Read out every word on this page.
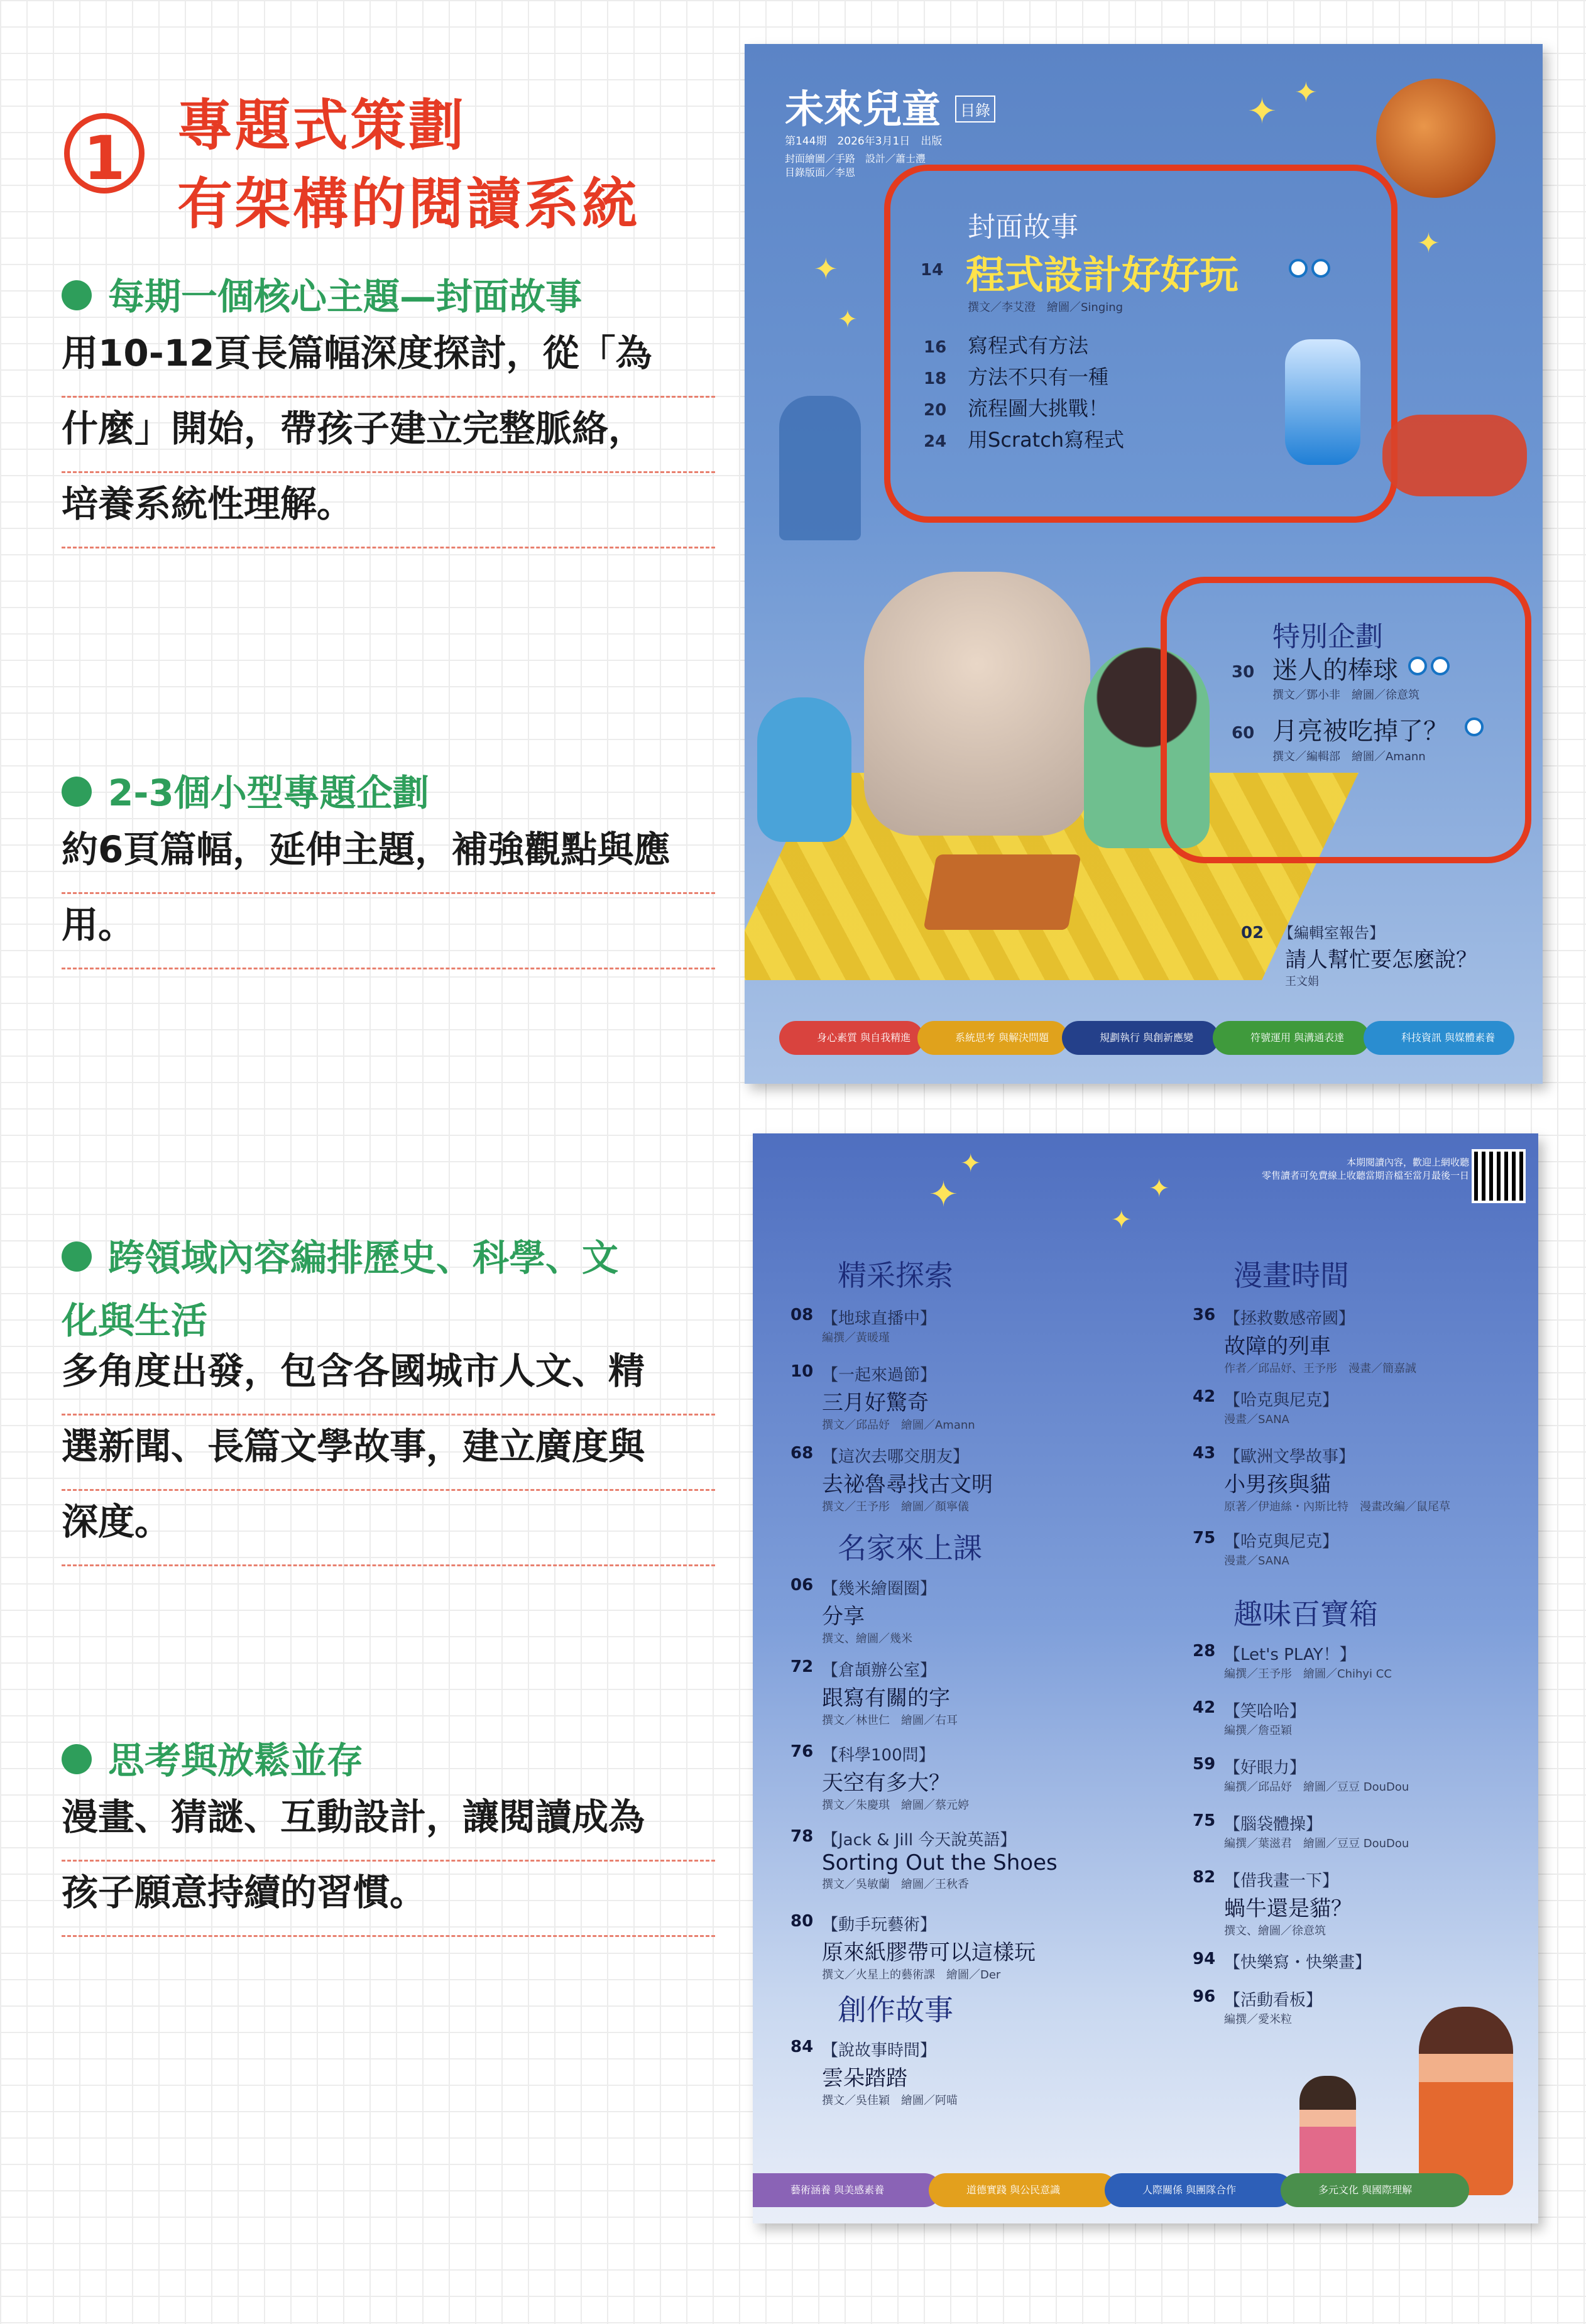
1 專題式策劃
有架構的閱讀系統
每期一個核心主題—封面故事
用10-12頁長篇幅深度探討，從「為
什麼」開始，帶孩子建立完整脈絡，
培養系統性理解。
2-3個小型專題企劃
約6頁篇幅，延伸主題，補強觀點與應
用。
跨領域內容編排歷史、科學、文
化與生活
多角度出發，包含各國城市人文、精
選新聞、長篇文學故事，建立廣度與
深度。
思考與放鬆並存
漫畫、猜謎、互動設計，讓閱讀成為
孩子願意持續的習慣。
✦ ✦
✦
✦
✦
未來兒童	目錄
第144期　2026年3月1日　出版
封面繪圖／手路　設計／蕭士灃
目錄版面／李恩
封面故事
14 程式設計好好玩
撰文／李艾澄　繪圖／Singing
16 寫程式有方法
18 方法不只有一種
20 流程圖大挑戰！
24 用Scratch寫程式
特別企劃
30 迷人的棒球
撰文／鄧小非　繪圖／徐意筑
60 月亮被吃掉了？
撰文／編輯部　繪圖／Amann
02 【編輯室報告】
請人幫忙要怎麼說？
王文娟
身心素質 與自我精進	系統思考 與解決問題	規劃執行 與創新應變	符號運用 與溝通表達	科技資訊 與媒體素養
本期閱讀內容，歡迎上網收聽
零售讀者可免費線上收聽當期音檔至當月最後一日
✦
✦
✦
✦
精采探索
08 【地球直播中】
編撰／黃暖瑾
10 【一起來過節】
三月好驚奇
撰文／邱品妤　繪圖／Amann
68 【這次去哪交朋友】
去祕魯尋找古文明
撰文／王予彤　繪圖／顏寧儀
名家來上課
06 【幾米繪圈圈】
分享
撰文、繪圖／幾米
72 【倉頡辦公室】
跟寫有關的字
撰文／林世仁　繪圖／右耳
76 【科學100問】
天空有多大？
撰文／朱慶琪　繪圖／蔡元婷
78 【Jack & Jill 今天說英語】
Sorting Out the Shoes
撰文／吳敏蘭　繪圖／王秋香
80 【動手玩藝術】
原來紙膠帶可以這樣玩
撰文／火星上的藝術課　繪圖／Der
創作故事
84 【說故事時間】
雲朵踏踏
撰文／吳佳穎　繪圖／阿喵
漫畫時間
36 【拯救數感帝國】
故障的列車
作者／邱品妤、王予彤　漫畫／簡嘉誠
42 【哈克與尼克】
漫畫／SANA
43 【歐洲文學故事】
小男孩與貓
原著／伊迪絲・內斯比特　漫畫改編／鼠尾草
75 【哈克與尼克】
漫畫／SANA
趣味百寶箱
28 【Let's PLAY！】
編撰／王予彤　繪圖／Chihyi CC
42 【笑哈哈】
編撰／詹亞穎
59 【好眼力】
編撰／邱品妤　繪圖／豆豆 DouDou
75 【腦袋體操】
編撰／葉滋君　繪圖／豆豆 DouDou
82 【借我畫一下】
蝸牛還是貓？
撰文、繪圖／徐意筑
94 【快樂寫・快樂畫】
96 【活動看板】
編撰／愛米粒
藝術涵養 與美感素養	道德實踐 與公民意識	人際關係 與團隊合作	多元文化 與國際理解
